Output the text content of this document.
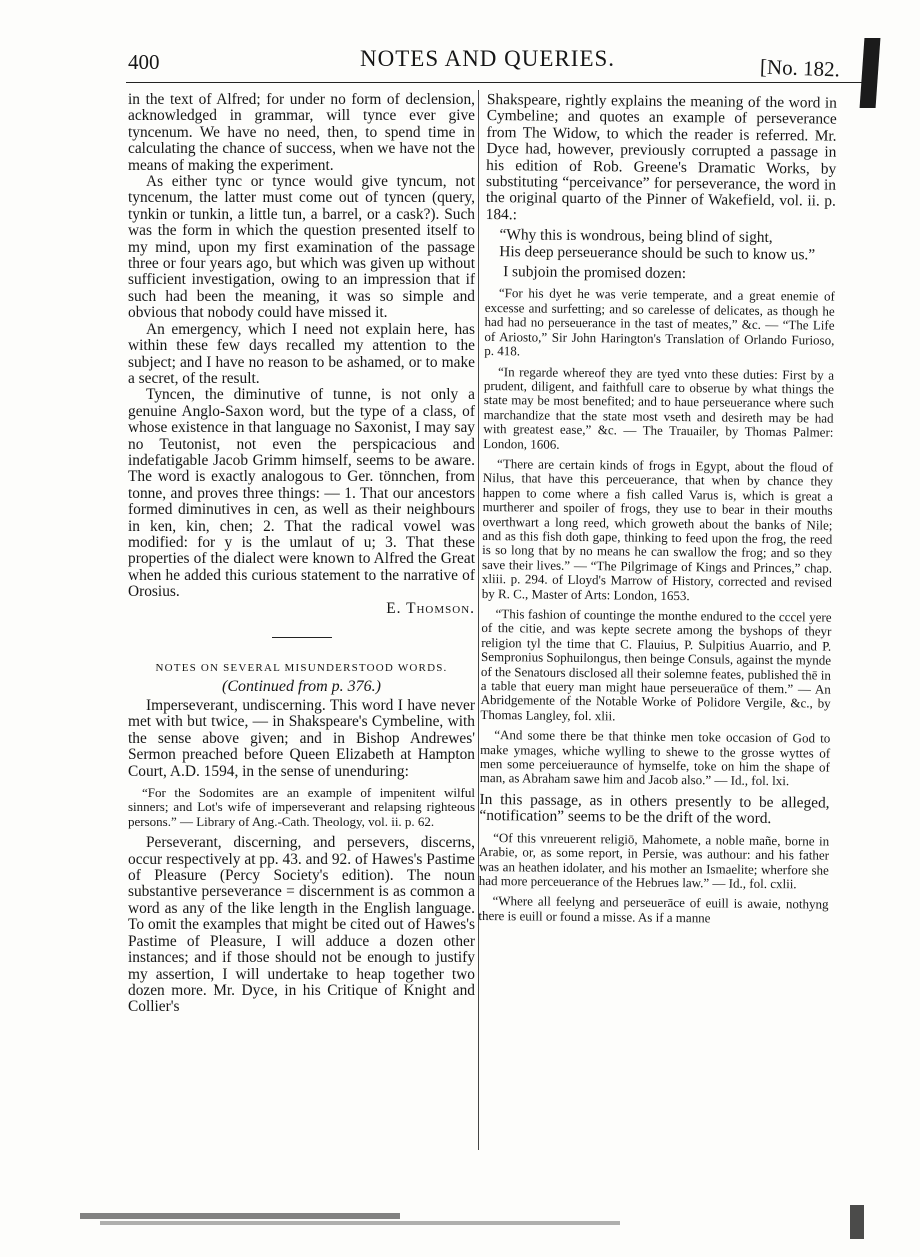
400	NOTES AND QUERIES.	[No. 182.

in the text of Alfred; for under no form of declension, acknowledged in grammar, will tynce ever give tyncenum. We have no need, then, to spend time in calculating the chance of success, when we have not the means of making the experiment.

As either tync or tynce would give tyncum, not tyncenum, the latter must come out of tyncen (query, tynkin or tunkin, a little tun, a barrel, or a cask?). Such was the form in which the question presented itself to my mind, upon my first examination of the passage three or four years ago, but which was given up without sufficient investigation, owing to an impression that if such had been the meaning, it was so simple and obvious that nobody could have missed it.

An emergency, which I need not explain here, has within these few days recalled my attention to the subject; and I have no reason to be ashamed, or to make a secret, of the result.

Tyncen, the diminutive of tunne, is not only a genuine Anglo-Saxon word, but the type of a class, of whose existence in that language no Saxonist, I may say no Teutonist, not even the perspicacious and indefatigable Jacob Grimm himself, seems to be aware. The word is exactly analogous to Ger. tönnchen, from tonne, and proves three things: — 1. That our ancestors formed diminutives in cen, as well as their neighbours in ken, kin, chen; 2. That the radical vowel was modified: for y is the umlaut of u; 3. That these properties of the dialect were known to Alfred the Great when he added this curious statement to the narrative of Orosius.

E. Thomson.

NOTES ON SEVERAL MISUNDERSTOOD WORDS.

(Continued from p. 376.)

Imperseverant, undiscerning. This word I have never met with but twice, — in Shakspeare's Cymbeline, with the sense above given; and in Bishop Andrewes' Sermon preached before Queen Elizabeth at Hampton Court, A.D. 1594, in the sense of unenduring:

“For the Sodomites are an example of impenitent wilful sinners; and Lot's wife of imperseverant and relapsing righteous persons.” — Library of Ang.-Cath. Theology, vol. ii. p. 62.

Perseverant, discerning, and persevers, discerns, occur respectively at pp. 43. and 92. of Hawes's Pastime of Pleasure (Percy Society's edition). The noun substantive perseverance = discernment is as common a word as any of the like length in the English language. To omit the examples that might be cited out of Hawes's Pastime of Pleasure, I will adduce a dozen other instances; and if those should not be enough to justify my assertion, I will undertake to heap together two dozen more. Mr. Dyce, in his Critique of Knight and Collier's

Shakspeare, rightly explains the meaning of the word in Cymbeline; and quotes an example of perseverance from The Widow, to which the reader is referred. Mr. Dyce had, however, previously corrupted a passage in his edition of Rob. Greene's Dramatic Works, by substituting “perceivance” for perseverance, the word in the original quarto of the Pinner of Wakefield, vol. ii. p. 184.:

“Why this is wondrous, being blind of sight,
His deep perseuerance should be such to know us.”

I subjoin the promised dozen:

“For his dyet he was verie temperate, and a great enemie of excesse and surfetting; and so carelesse of delicates, as though he had had no perseuerance in the tast of meates,” &c. — “The Life of Ariosto,” Sir John Harington's Translation of Orlando Furioso, p. 418.

“In regarde whereof they are tyed vnto these duties: First by a prudent, diligent, and faithfull care to obserue by what things the state may be most benefited; and to haue perseuerance where such marchandize that the state most vseth and desireth may be had with greatest ease,” &c. — The Trauailer, by Thomas Palmer: London, 1606.

“There are certain kinds of frogs in Egypt, about the floud of Nilus, that have this perceuerance, that when by chance they happen to come where a fish called Varus is, which is great a murtherer and spoiler of frogs, they use to bear in their mouths overthwart a long reed, which groweth about the banks of Nile; and as this fish doth gape, thinking to feed upon the frog, the reed is so long that by no means he can swallow the frog; and so they save their lives.” — “The Pilgrimage of Kings and Princes,” chap. xliii. p. 294. of Lloyd's Marrow of History, corrected and revised by R. C., Master of Arts: London, 1653.

“This fashion of countinge the monthe endured to the cccel yere of the citie, and was kepte secrete among the byshops of theyr religion tyl the time that C. Flauius, P. Sulpitius Auarrio, and P. Sempronius Sophuilongus, then beinge Consuls, against the mynde of the Senatours disclosed all their solemne feates, published thē in a table that euery man might haue perseueraūce of them.” — An Abridgemente of the Notable Worke of Polidore Vergile, &c., by Thomas Langley, fol. xlii.

“And some there be that thinke men toke occasion of God to make ymages, whiche wylling to shewe to the grosse wyttes of men some perceiueraunce of hymselfe, toke on him the shape of man, as Abraham sawe him and Jacob also.” — Id., fol. lxi.

In this passage, as in others presently to be alleged, “notification” seems to be the drift of the word.

“Of this vnreuerent religiō, Mahomete, a noble mañe, borne in Arabie, or, as some report, in Persie, was authour: and his father was an heathen idolater, and his mother an Ismaelite; wherfore she had more perceuerance of the Hebrues law.” — Id., fol. cxlii.

“Where all feelyng and perseuerāce of euill is awaie, nothyng there is euill or found a misse. As if a manne
